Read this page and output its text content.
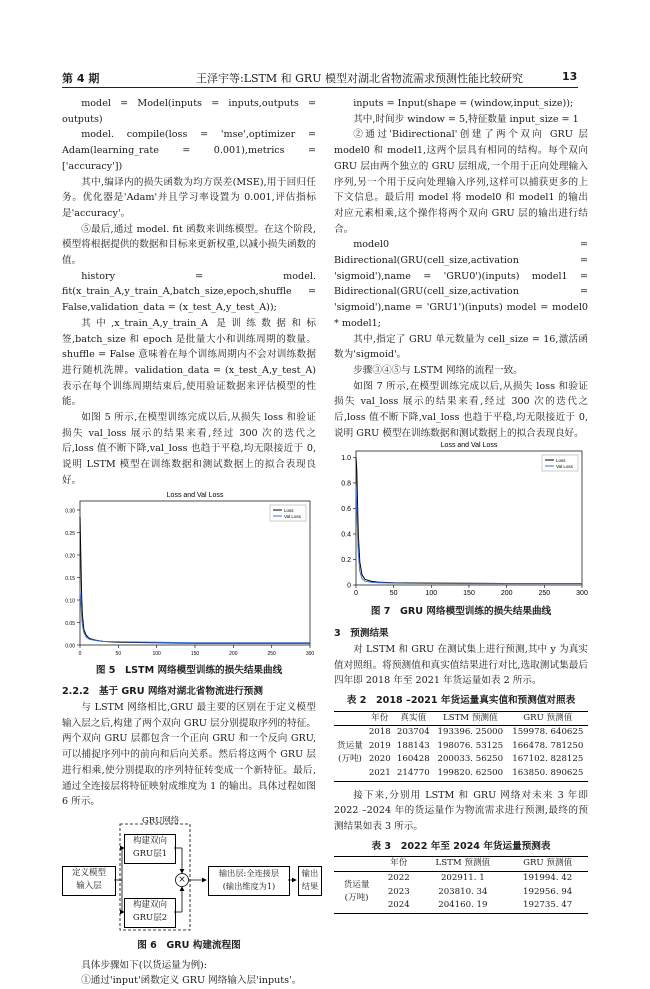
第 4 期	王泽宇等:LSTM 和 GRU 模型对湖北省物流需求预测性能比较研究	13

model = Model(inputs = inputs,outputs = outputs)

model. compile(loss = 'mse',optimizer = Adam(learning_rate = 0.001),metrics = ['accuracy'])

其中,编译内的损失函数为均方误差(MSE),用于回归任务。优化器是'Adam'并且学习率设置为 0.001,评估指标是'accuracy'。

⑤最后,通过 model. fit 函数来训练模型。在这个阶段,模型将根据提供的数据和目标来更新权重,以减小损失函数的值。

history = model. fit(x_train_A,y_train_A,batch_size,epoch,shuffle = False,validation_data = (x_test_A,y_test_A));

其中,x_train_A,y_train_A 是训练数据和标签,batch_size 和 epoch 是批量大小和训练周期的数量。shuffle = False 意味着在每个训练周期内不会对训练数据进行随机洗牌。validation_data = (x_test_A,y_test_A)表示在每个训练周期结束后,使用验证数据来评估模型的性能。

如图 5 所示,在模型训练完成以后,从损失 loss 和验证损失 val_loss 展示的结果来看,经过 300 次的迭代之后,loss 值不断下降,val_loss 也趋于平稳,均无限接近于 0,说明 LSTM 模型在训练数据和测试数据上的拟合表现良好。

Loss and Val Loss
0	50	100	150	200	250	300
0.00
0.05
0.10
0.15
0.20
0.25
0.30	Loss
Val Loss
图 5　LSTM 网络模型训练的损失结果曲线

2.2.2　基于 GRU 网络对湖北省物流进行预测

与 LSTM 网络相比,GRU 最主要的区别在于定义模型输入层之后,构建了两个双向 GRU 层分别提取序列的特征。两个双向 GRU 层都包含一个正向 GRU 和一个反向 GRU,可以捕捉序列中的前向和后向关系。然后将这两个 GRU 层进行相乘,使分别提取的序列特征转变成一个新特征。最后,通过全连接层将特征映射成维度为 1 的输出。具体过程如图 6 所示。

GRU网络
定义模型
输入层
构建双向
GRU层1
构建双向
GRU层2
×
输出层:全连接层
(输出维度为1)
输出
结果
图 6　GRU 构建流程图

具体步骤如下(以货运量为例):

①通过'input'函数定义 GRU 网络输入层'inputs'。

inputs = Input(shape = (window,input_size));

其中,时间步 window = 5,特征数量 input_size = 1

②通过'Bidirectional'创建了两个双向 GRU 层 model0 和 model1,这两个层具有相同的结构。每个双向 GRU 层由两个独立的 GRU 层组成,一个用于正向处理输入序列,另一个用于反向处理输入序列,这样可以捕获更多的上下文信息。最后用 model 将 model0 和 model1 的输出对应元素相乘,这个操作将两个双向 GRU 层的输出进行结合。

model0 = Bidirectional(GRU(cell_size,activation = 'sigmoid'),name = 'GRU0')(inputs) model1 = Bidirectional(GRU(cell_size,activation = 'sigmoid'),name = 'GRU1')(inputs) model = model0 * model1;

其中,指定了 GRU 单元数量为 cell_size = 16,激活函数为'sigmoid'。

步骤③④⑤与 LSTM 网络的流程一致。

如图 7 所示,在模型训练完成以后,从损失 loss 和验证损失 val_loss 展示的结果来看,经过 300 次的迭代之后,loss 值不断下降,val_loss 也趋于平稳,均无限接近于 0,说明 GRU 模型在训练数据和测试数据上的拟合表现良好。

Loss and Val Loss
0	50	100	150	200	250	300
0
0.2
0.4
0.6
0.8
1.0	Loss
Val Loss
图 7　GRU 网络模型训练的损失结果曲线

3　预测结果

对 LSTM 和 GRU 在测试集上进行预测,其中 y 为真实值对照组。将预测值和真实值结果进行对比,选取测试集最后四年即 2018 年至 2021 年货运量如表 2 所示。

表 2　2018 –2021 年货运量真实值和预测值对照表
	年份	真实值	LSTM 预测值	GRU 预测值

货运量
(万吨)	2018	203704	193396. 25000	159978. 640625
	2019	188143	198076. 53125	166478. 781250
	2020	160428	200033. 56250	167102. 828125
	2021	214770	199820. 62500	163850. 890625

接下来,分别用 LSTM 和 GRU 网络对未来 3 年即 2022 –2024 年的货运量作为物流需求进行预测,最终的预测结果如表 3 所示。

表 3　2022 年至 2024 年货运量预测表
	年份	LSTM 预测值	GRU 预测值

货运量
(万吨)	2022	202911. 1	191994. 42
	2023	203810. 34	192956. 94
	2024	204160. 19	192735. 47
